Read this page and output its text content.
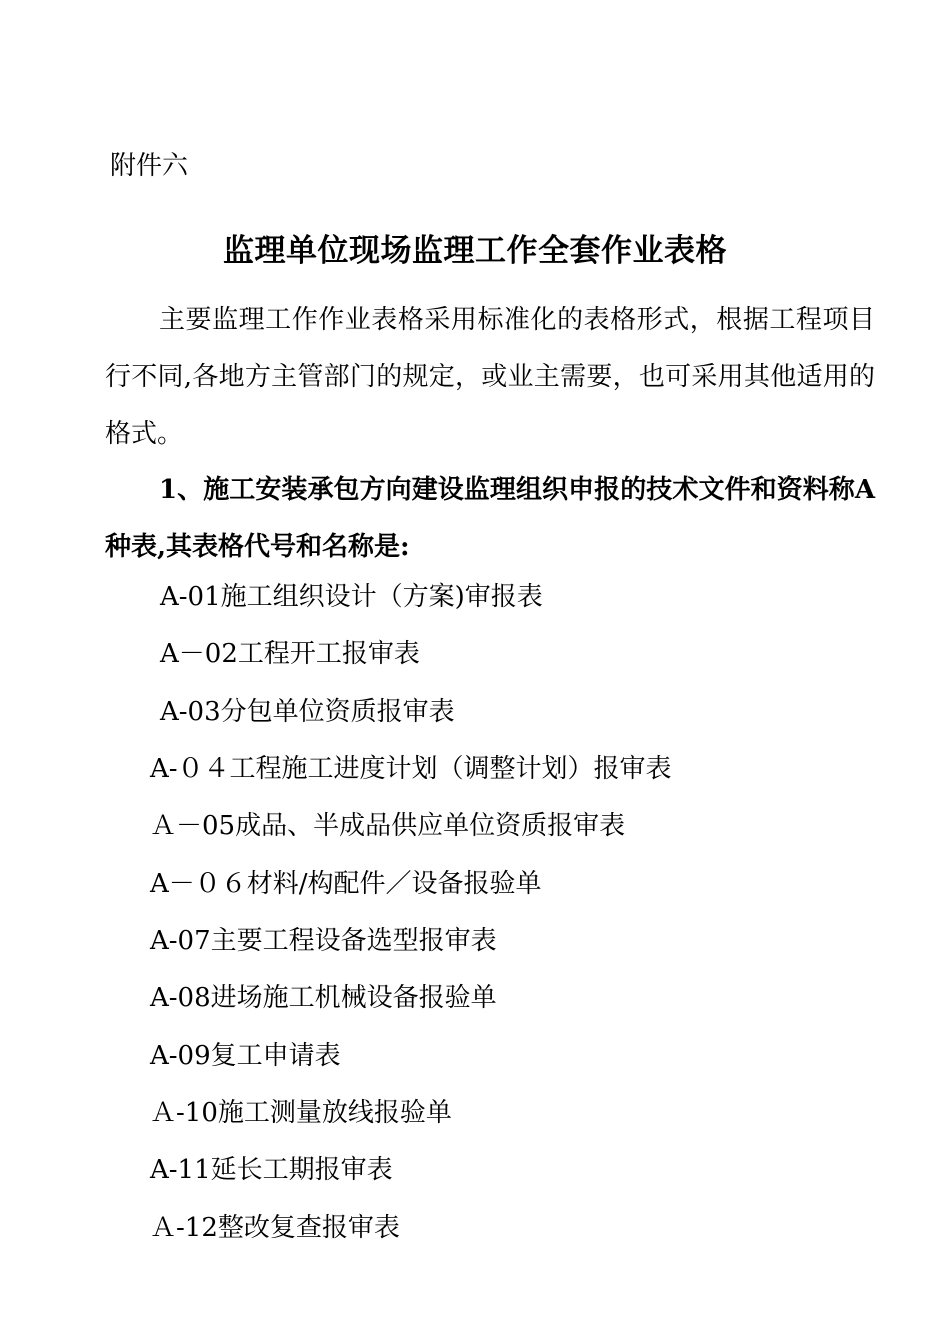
附件六
监理单位现场监理工作全套作业表格

主要监理工作作业表格采用标准化的表格形式，根据工程项目行不同,各地方主管部门的规定，或业主需要，也可采用其他适用的格式。

1、施工安装承包方向建设监理组织申报的技术文件和资料称A种表,其表格代号和名称是:

A-01施工组织设计（方案)审报表
A－02工程开工报审表
A-03分包单位资质报审表
A-０４工程施工进度计划（调整计划）报审表
Ａ－05成品、半成品供应单位资质报审表
A－０６材料/构配件／设备报验单
A-07主要工程设备选型报审表
A-08进场施工机械设备报验单
A-09复工申请表
Ａ-10施工测量放线报验单
A-11延长工期报审表
Ａ-12整改复查报审表
